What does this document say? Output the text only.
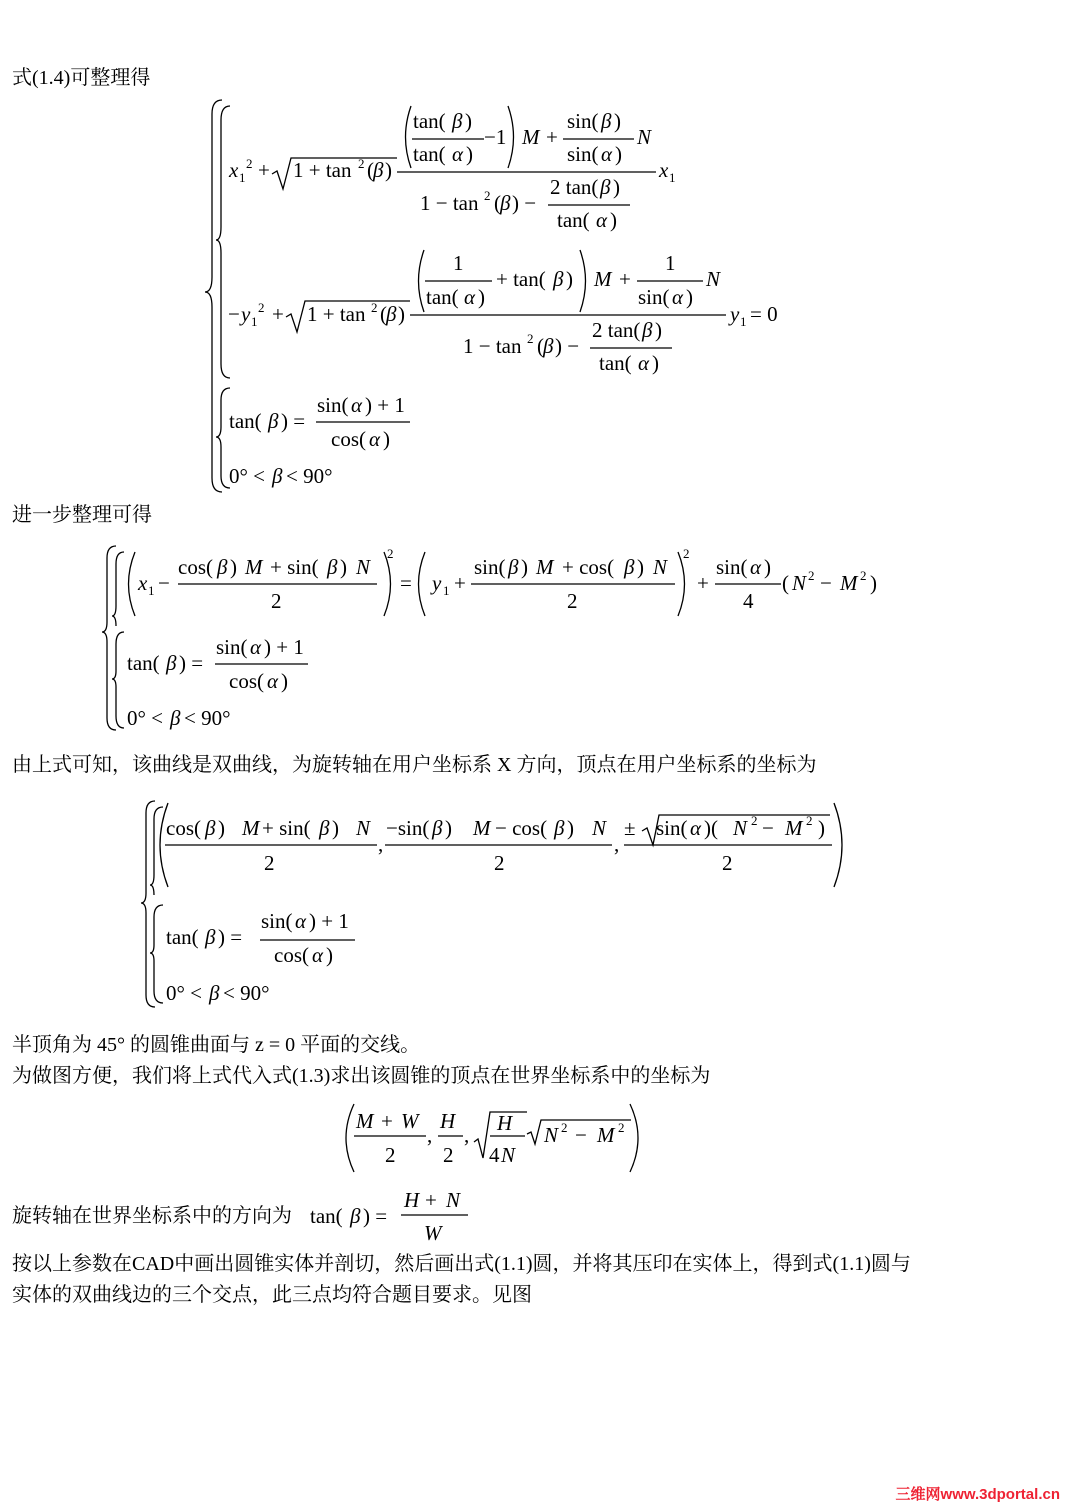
式(1.4)可整理得
x 1
2 + 1 + tan 2 ( β )
tan( β )
tan( α )
−1 M +
sin( β )
sin( α )
N
x 1
1 − tan 2 ( β ) −
2 tan( β )
tan( α )
− y 1
2 + 1 + tan 2 ( β )
1
tan( α )
+ tan( β ) M +
1
sin( α )
N
y 1 = 0
1 − tan 2 ( β ) −
2 tan( β )
tan( α )
tan( β ) =
sin( α ) + 1
cos( α )
0° < β < 90°
进一步整理可得
x 1 −
cos( β ) M + sin( β ) N
2
2
= y 1 +
sin( β ) M + cos( β ) N
2
2
+
sin( α )
4
( N 2 − M 2 )
tan( β ) =
sin( α ) + 1
cos( α )
0° < β < 90°
由上式可知，该曲线是双曲线，为旋转轴在用户坐标系 X 方向，顶点在用户坐标系的坐标为
cos( β ) M + sin( β ) N
2
,
−sin( β ) M − cos( β ) N
2
,
± sin( α )( N 2 − M 2 )
2
tan( β ) =
sin( α ) + 1
cos( α )
0° < β < 90°
半顶角为 45° 的圆锥曲面与 z = 0 平面的交线。
为做图方便，我们将上式代入式(1.3)求出该圆锥的顶点在世界坐标系中的坐标为
M + W
2
,
H
2
, H
4 N
N 2 − M 2
旋转轴在世界坐标系中的方向为 tan( β ) =
H + N
W
按以上参数在CAD中画出圆锥实体并剖切，然后画出式(1.1)圆，并将其压印在实体上，得到式(1.1)圆与
实体的双曲线边的三个交点，此三点均符合题目要求。见图
三维网www.3dportal.cn
